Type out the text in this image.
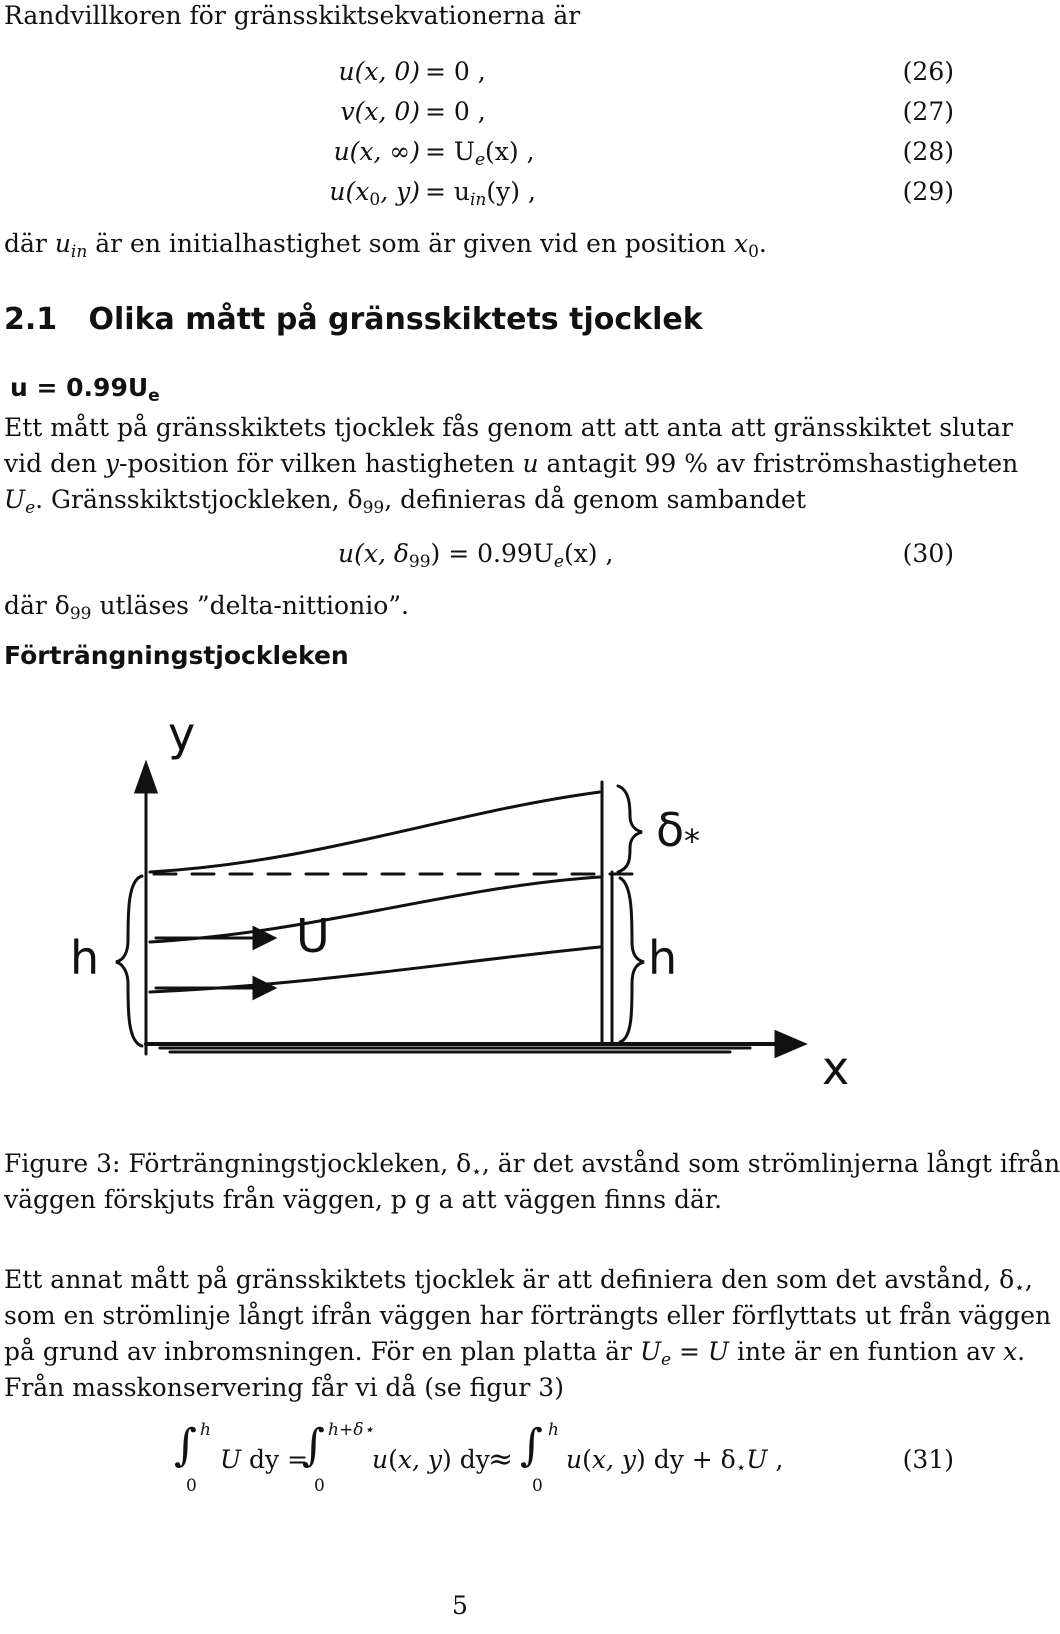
Randvillkoren för gränsskiktsekvationerna är
u(x, 0) = 0 ,	(26)
v(x, 0) = 0 ,	(27)
u(x, ∞) = $U_e(x)$ ,	(28)
$u(x_0$, $y) = u_{in}(y)$ ,	(29)
där $u_{in}$ är en initialhastighet som är given vid en position $x_0$.
2.1 Olika mått på gränsskiktets tjocklek
$u = 0.99U_e$
Ett mått på gränsskiktets tjocklek fås genom att att anta att gränsskiktet slutar
vid den y-position för vilken hastigheten u antagit 99 % av friströmshastigheten
$U_e$. Gränsskiktstjockleken, $\delta_{99}$, definieras då genom sambandet
u(x, $\delta_{99}) = 0.99U_e(x)$ ,	(30)
där $\delta_{99}$ utläses ”delta-nittionio”.
Förträngningstjockleken
y
x
h	h
U
δ *
Figure 3: Förträngningstjockleken, $\delta_⋆$, är det avstånd som strömlinjerna långt ifrån
väggen förskjuts från väggen, p g a att väggen finns där.
Ett annat mått på gränsskiktets tjocklek är att definiera den som det avstånd, $\delta_⋆$,
som en strömlinje långt ifrån väggen har förträngts eller förflyttats ut från väggen
på grund av inbromsningen. För en plan platta är $U_e = U$ inte är en funtion av x.
Från masskonservering får vi då (se figur 3)
∫ h
0
U dy =
∫ h+δ⋆
0
u(x, y) dy
≈ ∫ h
0
u(x, y) dy + $\delta_⋆U$ ,	(31)
5
